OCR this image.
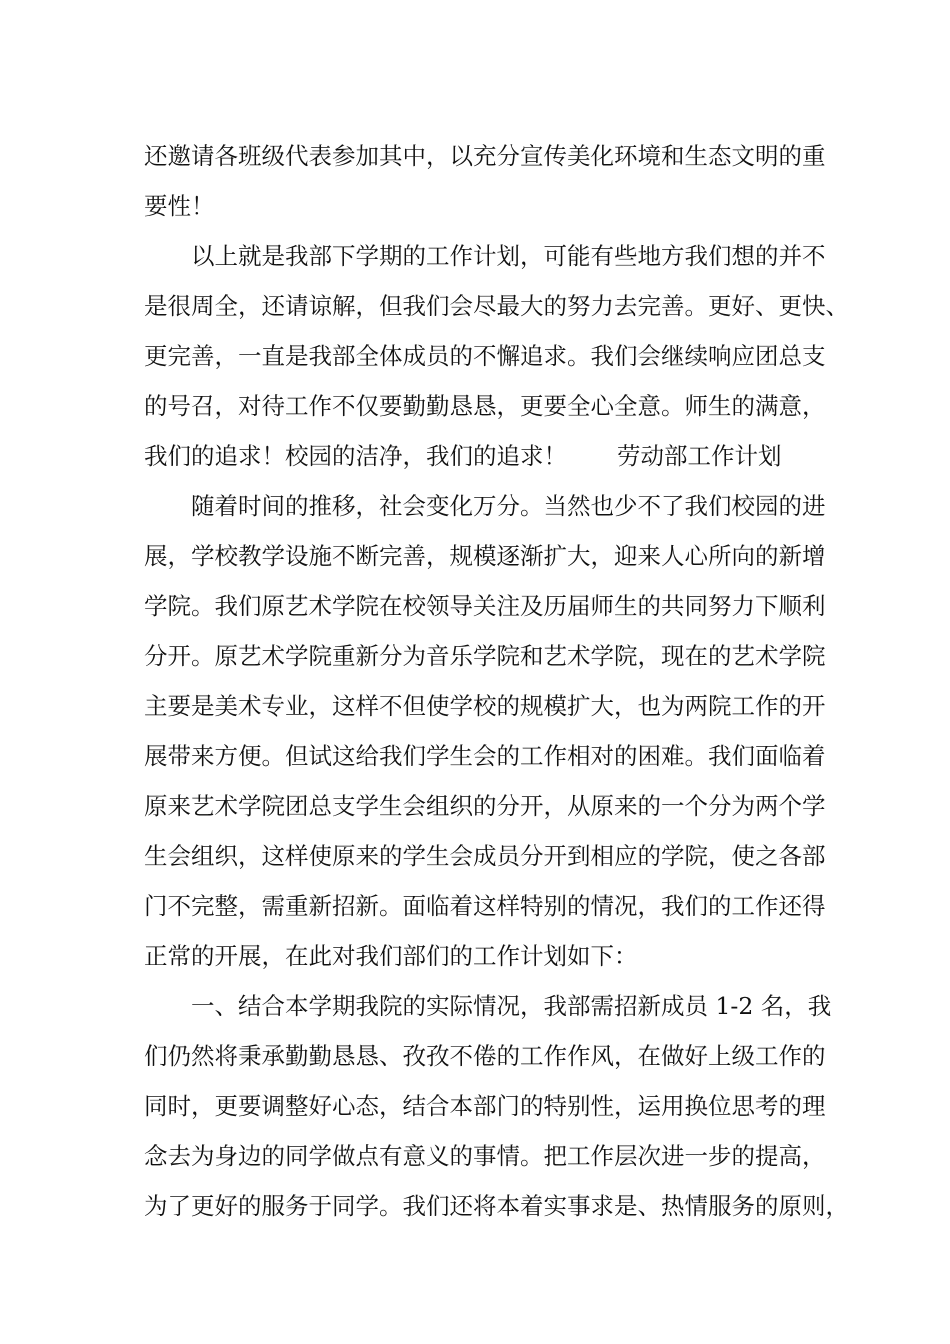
还邀请各班级代表参加其中，以充分宣传美化环境和生态文明的重
要性！
以上就是我部下学期的工作计划，可能有些地方我们想的并不
是很周全，还请谅解，但我们会尽最大的努力去完善。更好、更快、
更完善，一直是我部全体成员的不懈追求。我们会继续响应团总支
的号召，对待工作不仅要勤勤恳恳，更要全心全意。师生的满意，
我们的追求！校园的洁净，我们的追求！ 劳动部工作计划
随着时间的推移，社会变化万分。当然也少不了我们校园的进
展，学校教学设施不断完善，规模逐渐扩大，迎来人心所向的新增
学院。我们原艺术学院在校领导关注及历届师生的共同努力下顺利
分开。原艺术学院重新分为音乐学院和艺术学院，现在的艺术学院
主要是美术专业，这样不但使学校的规模扩大，也为两院工作的开
展带来方便。但试这给我们学生会的工作相对的困难。我们面临着
原来艺术学院团总支学生会组织的分开，从原来的一个分为两个学
生会组织，这样使原来的学生会成员分开到相应的学院，使之各部
门不完整，需重新招新。面临着这样特别的情况，我们的工作还得
正常的开展，在此对我们部们的工作计划如下：
一、结合本学期我院的实际情况，我部需招新成员 1-2 名，我
们仍然将秉承勤勤恳恳、孜孜不倦的工作作风，在做好上级工作的
同时，更要调整好心态，结合本部门的特别性，运用换位思考的理
念去为身边的同学做点有意义的事情。把工作层次进一步的提高，
为了更好的服务于同学。我们还将本着实事求是、热情服务的原则，
